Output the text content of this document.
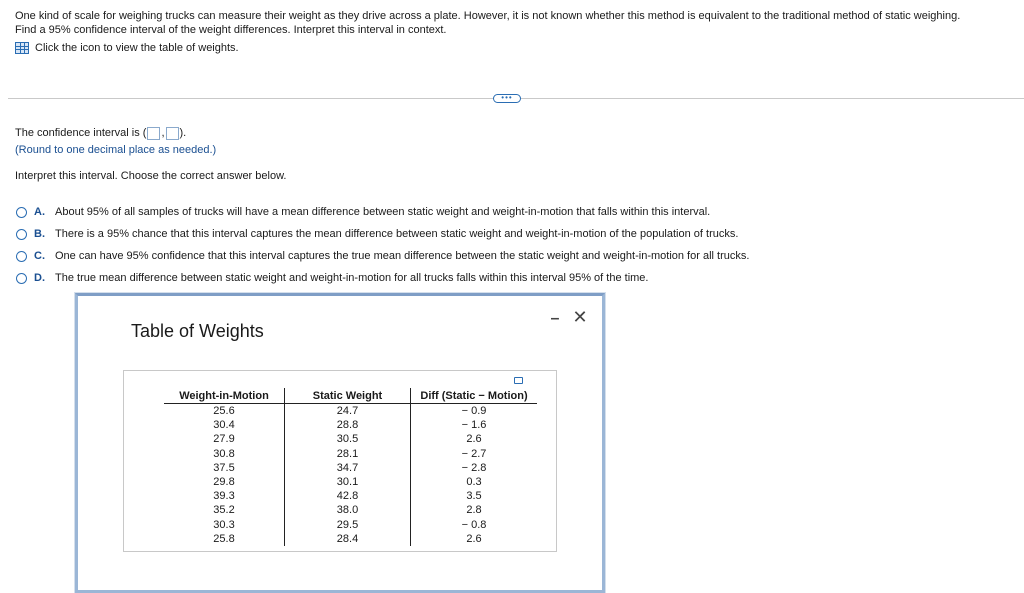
One kind of scale for weighing trucks can measure their weight as they drive across a plate. However, it is not known whether this method is equivalent to the traditional method of static weighing.
Find a 95% confidence interval of the weight differences. Interpret this interval in context.
Click the icon to view the table of weights.
•••
The confidence interval is ( , ).
(Round to one decimal place as needed.)
Interpret this interval. Choose the correct answer below.
A. About 95% of all samples of trucks will have a mean difference between static weight and weight-in-motion that falls within this interval.
B. There is a 95% chance that this interval captures the mean difference between static weight and weight-in-motion of the population of trucks.
C. One can have 95% confidence that this interval captures the true mean difference between the static weight and weight-in-motion for all trucks.
D. The true mean difference between static weight and weight-in-motion for all trucks falls within this interval 95% of the time.
Table of Weights
– ✕
Weight-in-Motion	Static Weight	Diff (Static − Motion)
25.6	24.7	− 0.9
30.4	28.8	− 1.6
27.9	30.5	2.6
30.8	28.1	− 2.7
37.5	34.7	− 2.8
29.8	30.1	0.3
39.3	42.8	3.5
35.2	38.0	2.8
30.3	29.5	− 0.8
25.8	28.4	2.6
